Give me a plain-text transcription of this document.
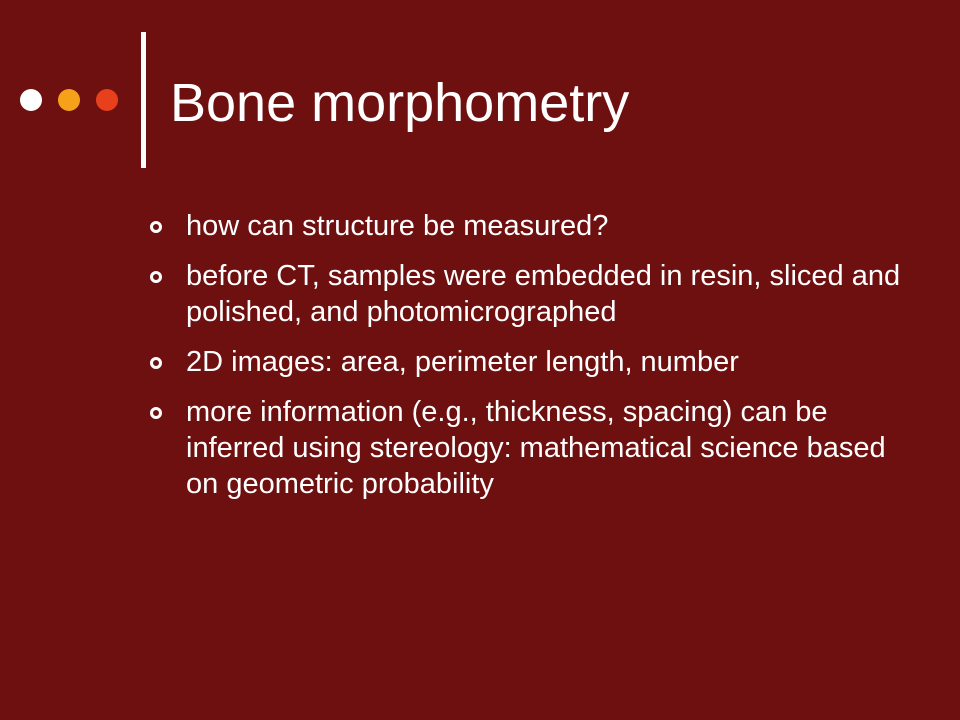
Bone morphometry
how can structure be measured?
before CT, samples were embedded in resin, sliced and polished, and photomicrographed
2D images: area, perimeter length, number
more information (e.g., thickness, spacing) can be inferred using stereology: mathematical science based on geometric probability
